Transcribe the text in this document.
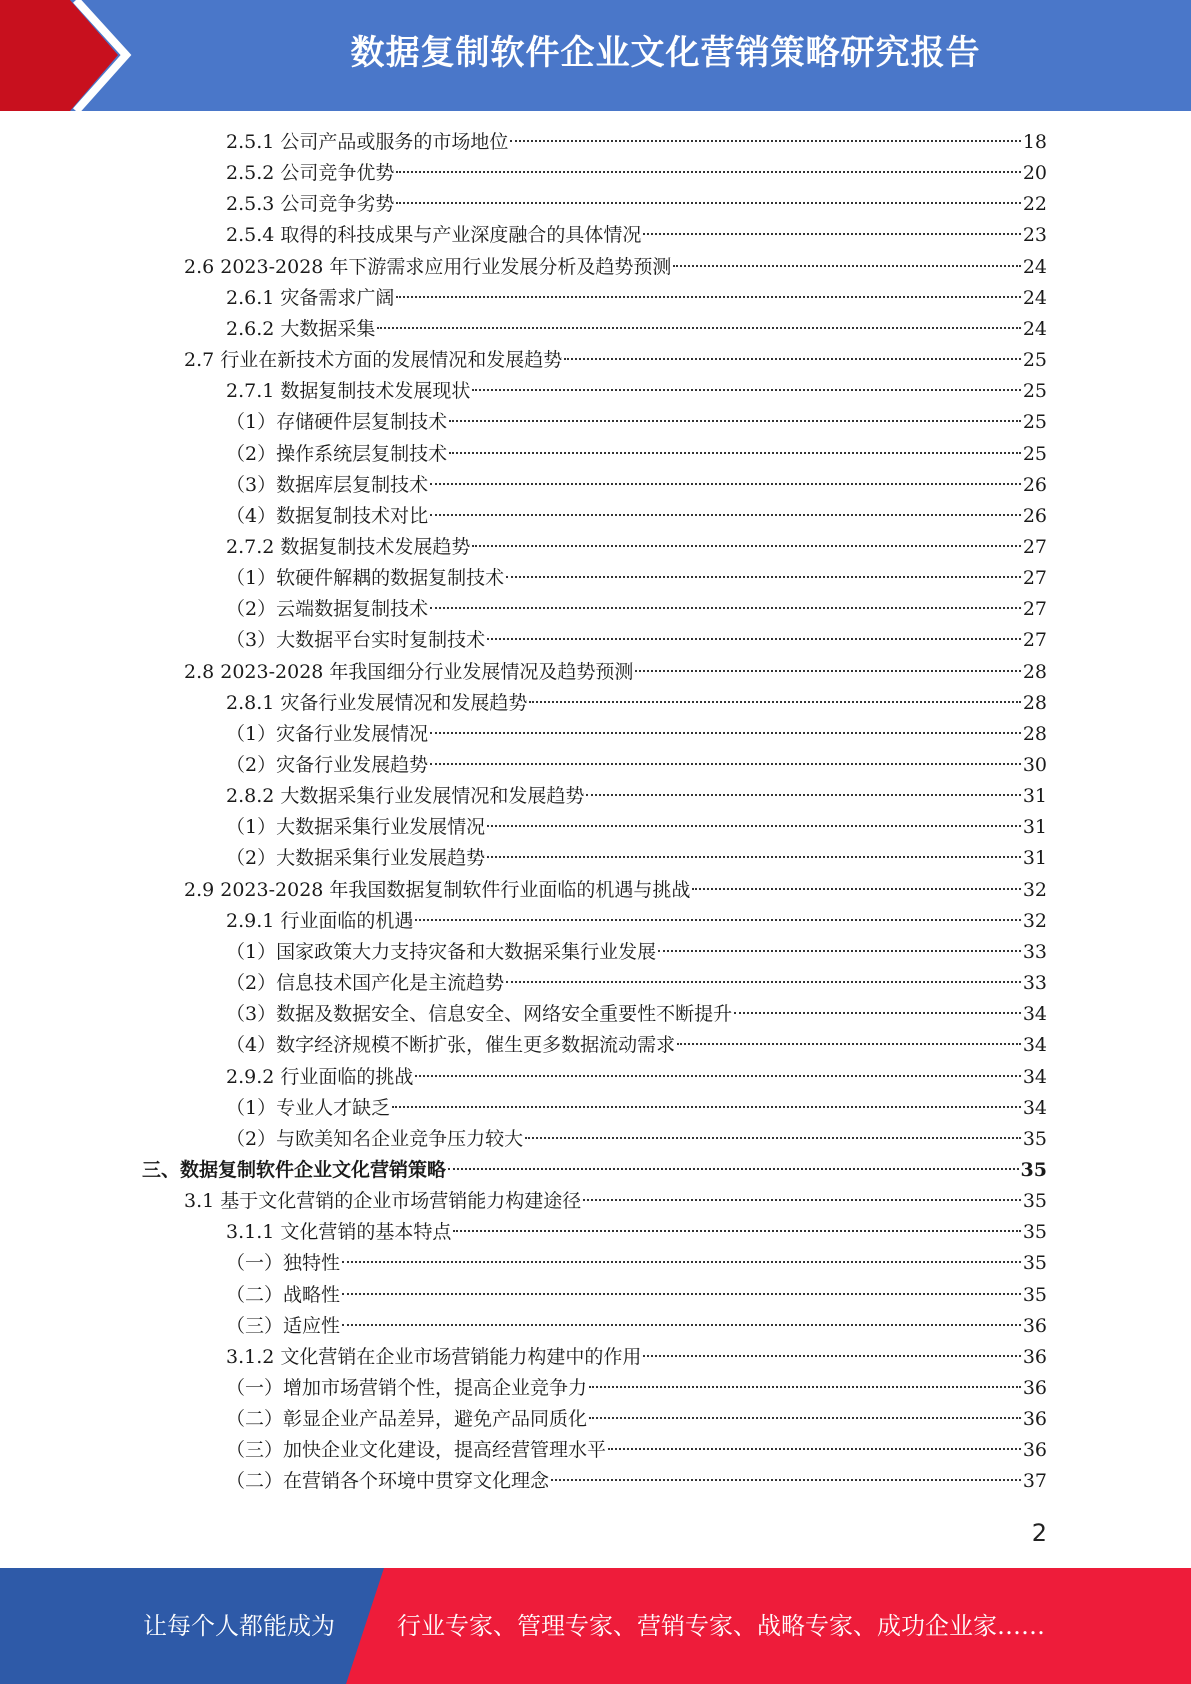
数据复制软件企业文化营销策略研究报告
2.5.1 公司产品或服务的市场地位	18
2.5.2 公司竞争优势	20
2.5.3 公司竞争劣势	22
2.5.4 取得的科技成果与产业深度融合的具体情况	23
2.6 2023-2028 年下游需求应用行业发展分析及趋势预测	24
2.6.1 灾备需求广阔	24
2.6.2 大数据采集	24
2.7 行业在新技术方面的发展情况和发展趋势	25
2.7.1 数据复制技术发展现状	25
（1）存储硬件层复制技术	25
（2）操作系统层复制技术	25
（3）数据库层复制技术	26
（4）数据复制技术对比	26
2.7.2 数据复制技术发展趋势	27
（1）软硬件解耦的数据复制技术	27
（2）云端数据复制技术	27
（3）大数据平台实时复制技术	27
2.8 2023-2028 年我国细分行业发展情况及趋势预测	28
2.8.1 灾备行业发展情况和发展趋势	28
（1）灾备行业发展情况	28
（2）灾备行业发展趋势	30
2.8.2 大数据采集行业发展情况和发展趋势	31
（1）大数据采集行业发展情况	31
（2）大数据采集行业发展趋势	31
2.9 2023-2028 年我国数据复制软件行业面临的机遇与挑战	32
2.9.1 行业面临的机遇	32
（1）国家政策大力支持灾备和大数据采集行业发展	33
（2）信息技术国产化是主流趋势	33
（3）数据及数据安全、信息安全、网络安全重要性不断提升	34
（4）数字经济规模不断扩张，催生更多数据流动需求	34
2.9.2 行业面临的挑战	34
（1）专业人才缺乏	34
（2）与欧美知名企业竞争压力较大	35
三、数据复制软件企业文化营销策略	35
3.1 基于文化营销的企业市场营销能力构建途径	35
3.1.1 文化营销的基本特点	35
（一）独特性	35
（二）战略性	35
（三）适应性	36
3.1.2 文化营销在企业市场营销能力构建中的作用	36
（一）增加市场营销个性，提高企业竞争力	36
（二）彰显企业产品差异，避免产品同质化	36
（三）加快企业文化建设，提高经营管理水平	36
（二）在营销各个环境中贯穿文化理念	37
2
让每个人都能成为	行业专家、管理专家、营销专家、战略专家、成功企业家……
